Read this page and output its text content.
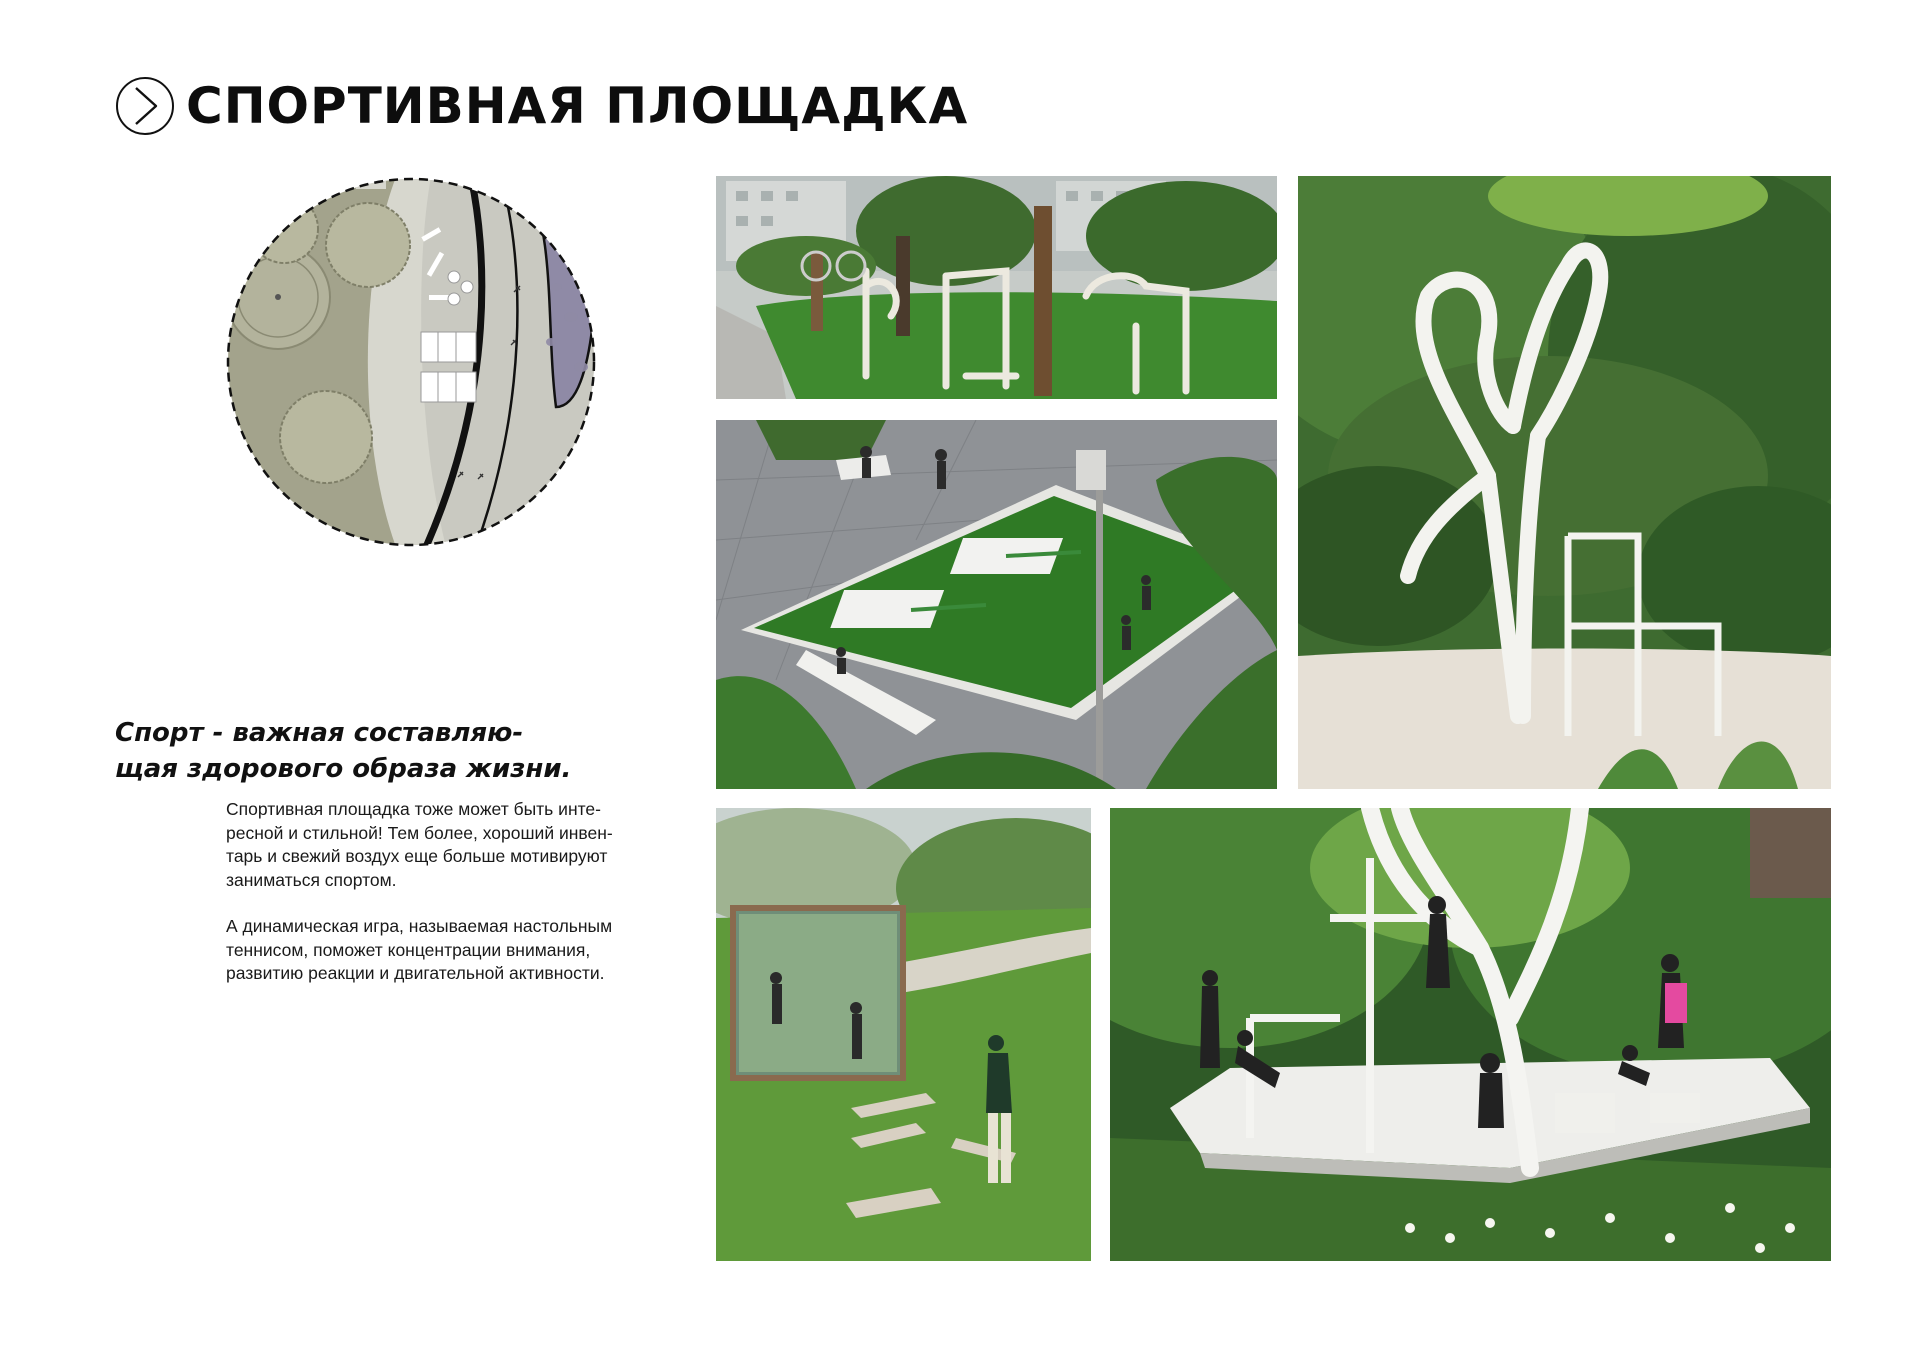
СПОРТИВНАЯ ПЛОЩАДКА
Спорт - важная составляю-
щая здорового образа жизни.
Спортивная площадка тоже может быть инте-
ресной и стильной! Тем более, хороший инвен-
тарь и свежий воздух еще больше мотивируют
заниматься спортом.
А динамическая игра, называемая настольным
теннисом, поможет концентрации внимания,
развитию реакции и двигательной активности.
